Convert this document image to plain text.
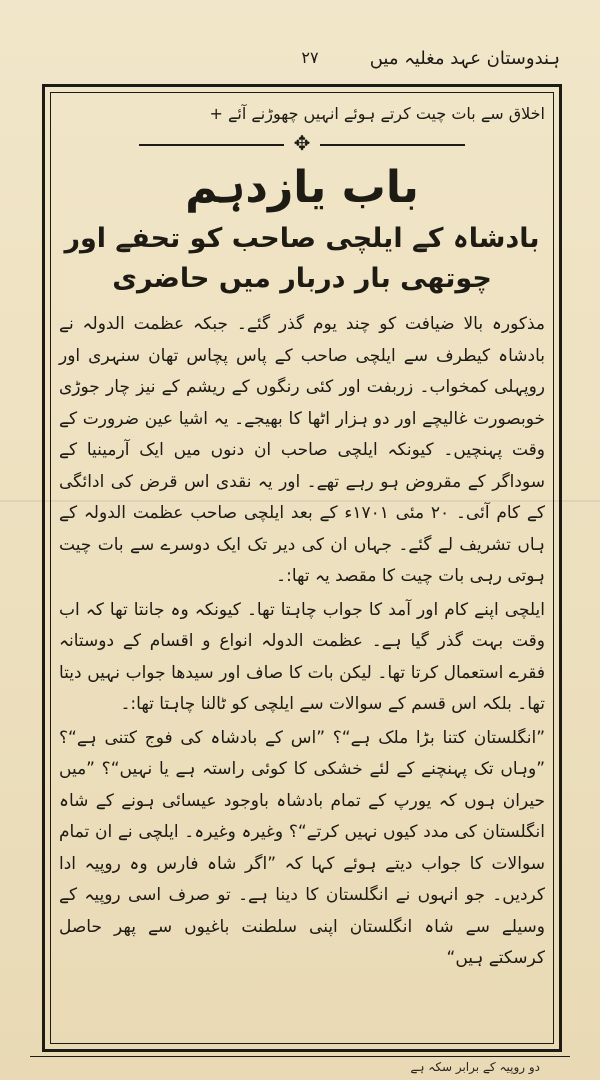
ہندوستان عہد مغلیہ میں
۲۷
اخلاق سے بات چیت کرتے ہوئے انہیں چھوڑنے آئے +
✥
باب یازدہم
بادشاہ کے ایلچی صاحب کو تحفے اور چوتھی بار دربار میں حاضری

مذکورہ بالا ضیافت کو چند یوم گذر گئے۔ جبکہ عظمت الدولہ نے بادشاہ کیطرف سے ایلچی صاحب کے پاس پچاس تھان سنہری اور روپہلی کمخواب۔ زربفت اور کئی رنگوں کے ریشم کے نیز چار جوڑی خوبصورت غالیچے اور دو ہزار اٹھا کا بھیجے۔ یہ اشیا عین ضرورت کے وقت پہنچیں۔ کیونکہ ایلچی صاحب ان دنوں میں ایک آرمینیا کے سوداگر کے مقروض ہو رہے تھے۔ اور یہ نقدی اس قرض کی ادائگی کے کام آئی۔ ۲۰ مئی ۱۷۰۱ء کے بعد ایلچی صاحب عظمت الدولہ کے ہاں تشریف لے گئے۔ جہاں ان کی دیر تک ایک دوسرے سے بات چیت ہوتی رہی بات چیت کا مقصد یہ تھا:۔

ایلچی اپنے کام اور آمد کا جواب چاہتا تھا۔ کیونکہ وہ جانتا تھا کہ اب وقت بہت گذر گیا ہے۔ عظمت الدولہ انواع و اقسام کے دوستانہ فقرے استعمال کرتا تھا۔ لیکن بات کا صاف اور سیدھا جواب نہیں دیتا تھا۔ بلکہ اس قسم کے سوالات سے ایلچی کو ٹالنا چاہتا تھا:۔

”انگلستان کتنا بڑا ملک ہے“؟ ”اس کے بادشاہ کی فوج کتنی ہے“؟ ”وہاں تک پہنچنے کے لئے خشکی کا کوئی راستہ ہے یا نہیں“؟ ”میں حیران ہوں کہ یورپ کے تمام بادشاہ باوجود عیسائی ہونے کے شاہ انگلستان کی مدد کیوں نہیں کرتے“؟ وغیرہ وغیرہ۔ ایلچی نے ان تمام سوالات کا جواب دیتے ہوئے کہا کہ ”اگر شاہ فارس وہ روپیہ ادا کردیں۔ جو انہوں نے انگلستان کا دینا ہے۔ تو صرف اسی روپیہ کے وسیلے سے شاہ انگلستان اپنی سلطنت باغیوں سے پھر حاصل کرسکتے ہیں“

دو روپیہ کے برابر سکہ ہے
